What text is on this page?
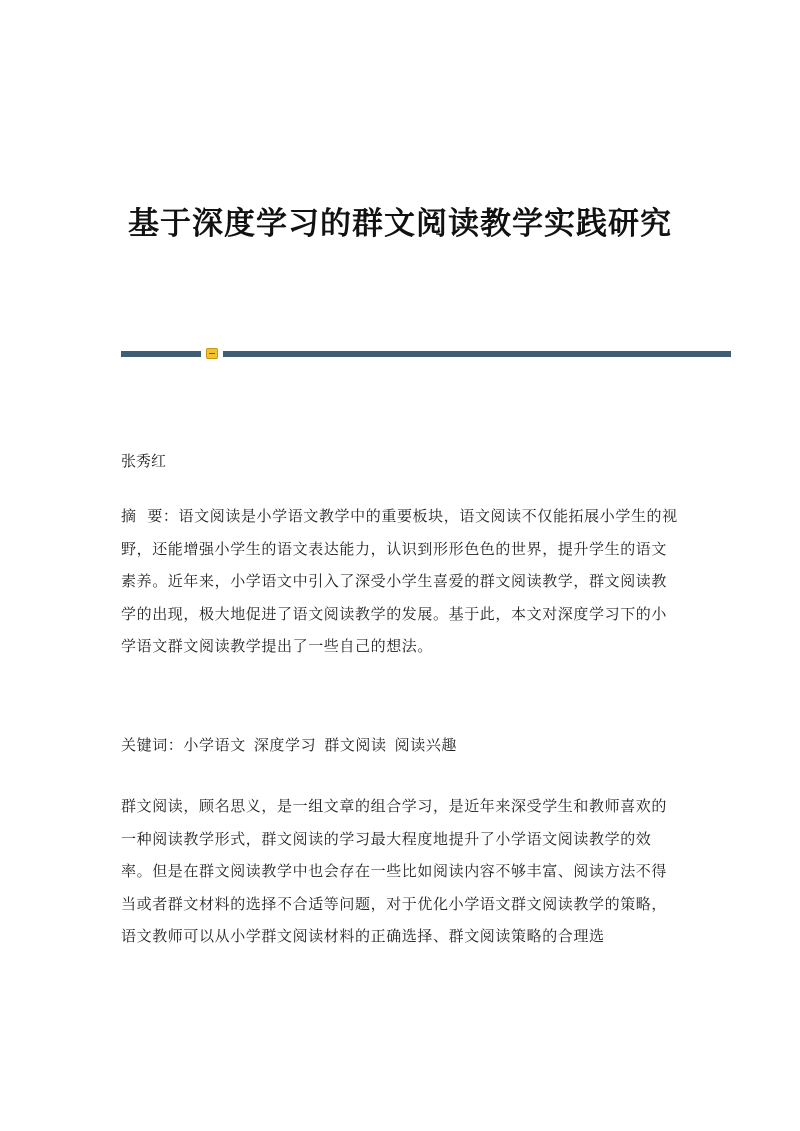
基于深度学习的群文阅读教学实践研究
张秀红

摘  要：语文阅读是小学语文教学中的重要板块，语文阅读不仅能拓展小学生的视野，还能增强小学生的语文表达能力，认识到形形色色的世界，提升学生的语文素养。近年来，小学语文中引入了深受小学生喜爱的群文阅读教学，群文阅读教学的出现，极大地促进了语文阅读教学的发展。基于此，本文对深度学习下的小学语文群文阅读教学提出了一些自己的想法。

关键词：小学语文 深度学习 群文阅读 阅读兴趣

群文阅读，顾名思义，是一组文章的组合学习，是近年来深受学生和教师喜欢的一种阅读教学形式，群文阅读的学习最大程度地提升了小学语文阅读教学的效率。但是在群文阅读教学中也会存在一些比如阅读内容不够丰富、阅读方法不得当或者群文材料的选择不合适等问题，对于优化小学语文群文阅读教学的策略，语文教师可以从小学群文阅读材料的正确选择、群文阅读策略的合理选
